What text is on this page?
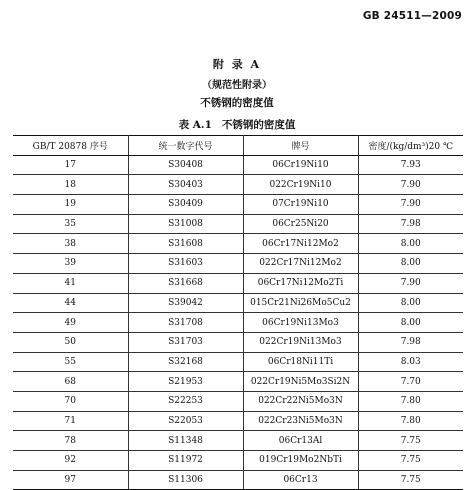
GB 24511—2009
附 录 A
（规范性附录）
不锈钢的密度值
表 A.1 不锈钢的密度值
GB/T 20878 序号	统一数字代号	牌号	密度/(kg/dm³)20 ℃
17	S30408	06Cr19Ni10	7.93
18	S30403	022Cr19Ni10	7.90
19	S30409	07Cr19Ni10	7.90
35	S31008	06Cr25Ni20	7.98
38	S31608	06Cr17Ni12Mo2	8.00
39	S31603	022Cr17Ni12Mo2	8.00
41	S31668	06Cr17Ni12Mo2Ti	7.90
44	S39042	015Cr21Ni26Mo5Cu2	8.00
49	S31708	06Cr19Ni13Mo3	8.00
50	S31703	022Cr19Ni13Mo3	7.98
55	S32168	06Cr18Ni11Ti	8.03
68	S21953	022Cr19Ni5Mo3Si2N	7.70
70	S22253	022Cr22Ni5Mo3N	7.80
71	S22053	022Cr23Ni5Mo3N	7.80
78	S11348	06Cr13Al	7.75
92	S11972	019Cr19Mo2NbTi	7.75
97	S11306	06Cr13	7.75
